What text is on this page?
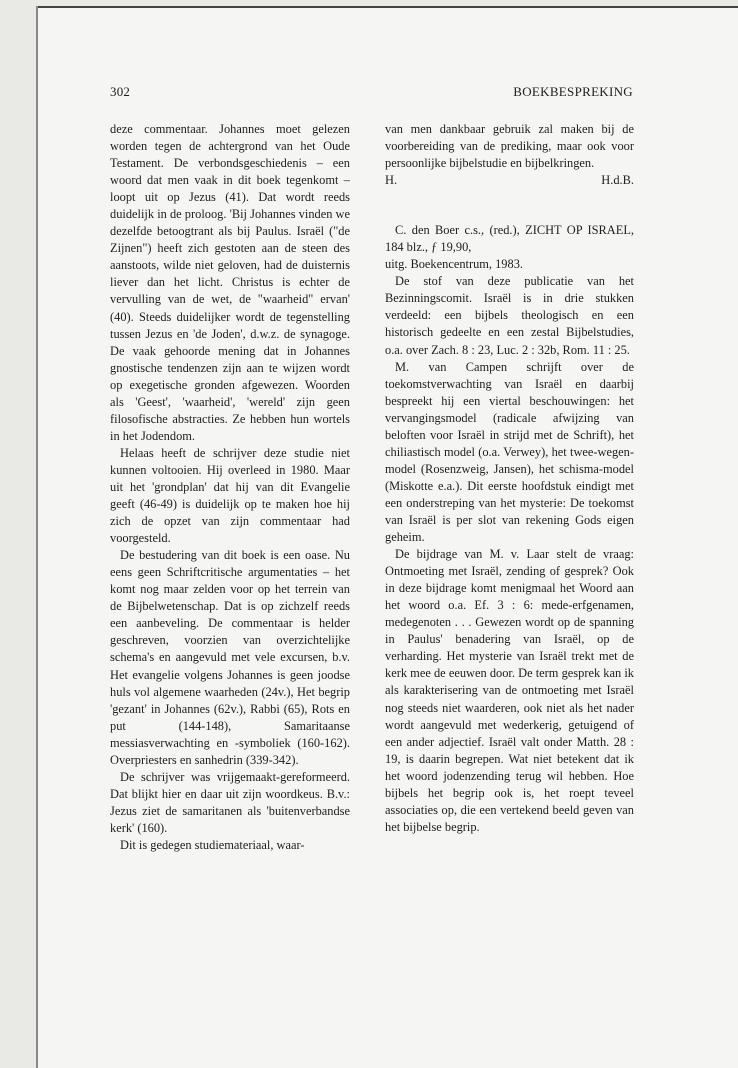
302	BOEKBESPREKING

deze commentaar. Johannes moet gelezen worden tegen de achtergrond van het Oude Testament. De verbondsgeschiedenis – een woord dat men vaak in dit boek tegenkomt – loopt uit op Jezus (41). Dat wordt reeds duidelijk in de proloog. 'Bij Johannes vinden we dezelfde betoogtrant als bij Paulus. Israël ("de Zijnen") heeft zich gestoten aan de steen des aanstoots, wilde niet geloven, had de duisternis liever dan het licht. Christus is echter de vervulling van de wet, de "waarheid" ervan' (40). Steeds duidelijker wordt de tegenstelling tussen Jezus en 'de Joden', d.w.z. de synagoge. De vaak gehoorde mening dat in Johannes gnostische tendenzen zijn aan te wijzen wordt op exegetische gronden afgewezen. Woorden als 'Geest', 'waarheid', 'wereld' zijn geen filosofische abstracties. Ze hebben hun wortels in het Jodendom.

Helaas heeft de schrijver deze studie niet kunnen voltooien. Hij overleed in 1980. Maar uit het 'grondplan' dat hij van dit Evangelie geeft (46-49) is duidelijk op te maken hoe hij zich de opzet van zijn commentaar had voorgesteld.

De bestudering van dit boek is een oase. Nu eens geen Schriftcritische argumentaties – het komt nog maar zelden voor op het terrein van de Bijbelwetenschap. Dat is op zichzelf reeds een aanbeveling. De commentaar is helder geschreven, voorzien van overzichtelijke schema's en aangevuld met vele excursen, b.v. Het evangelie volgens Johannes is geen joodse huls vol algemene waarheden (24v.), Het begrip 'gezant' in Johannes (62v.), Rabbi (65), Rots en put (144-148), Samaritaanse messiasverwachting en -symboliek (160-162). Overpriesters en sanhedrin (339-342).

De schrijver was vrijgemaakt-gereformeerd. Dat blijkt hier en daar uit zijn woordkeus. B.v.: Jezus ziet de samaritanen als 'buitenverbandse kerk' (160).

Dit is gedegen studiemateriaal, waar-

van men dankbaar gebruik zal maken bij de voorbereiding van de prediking, maar ook voor persoonlijke bijbelstudie en bijbelkringen.

H.	H.d.B.

C. den Boer c.s., (red.), ZICHT OP ISRAEL, 184 blz., ƒ 19,90,

uitg. Boekencentrum, 1983.

De stof van deze publicatie van het Bezinningscomit. Israël is in drie stukken verdeeld: een bijbels theologisch en een historisch gedeelte en een zestal Bijbelstudies, o.a. over Zach. 8 : 23, Luc. 2 : 32b, Rom. 11 : 25.

M. van Campen schrijft over de toekomstverwachting van Israël en daarbij bespreekt hij een viertal beschouwingen: het vervangingsmodel (radicale afwijzing van beloften voor Israël in strijd met de Schrift), het chiliastisch model (o.a. Verwey), het twee-wegen-model (Rosenzweig, Jansen), het schisma-model (Miskotte e.a.). Dit eerste hoofdstuk eindigt met een onderstreping van het mysterie: De toekomst van Israël is per slot van rekening Gods eigen geheim.

De bijdrage van M. v. Laar stelt de vraag: Ontmoeting met Israël, zending of gesprek? Ook in deze bijdrage komt menigmaal het Woord aan het woord o.a. Ef. 3 : 6: mede-erfgenamen, medegenoten . . . Gewezen wordt op de spanning in Paulus' benadering van Israël, op de verharding. Het mysterie van Israël trekt met de kerk mee de eeuwen door. De term gesprek kan ik als karakterisering van de ontmoeting met Israël nog steeds niet waarderen, ook niet als het nader wordt aangevuld met wederkerig, getuigend of een ander adjectief. Israël valt onder Matth. 28 : 19, is daarin begrepen. Wat niet betekent dat ik het woord jodenzending terug wil hebben. Hoe bijbels het begrip ook is, het roept teveel associaties op, die een vertekend beeld geven van het bijbelse begrip.
